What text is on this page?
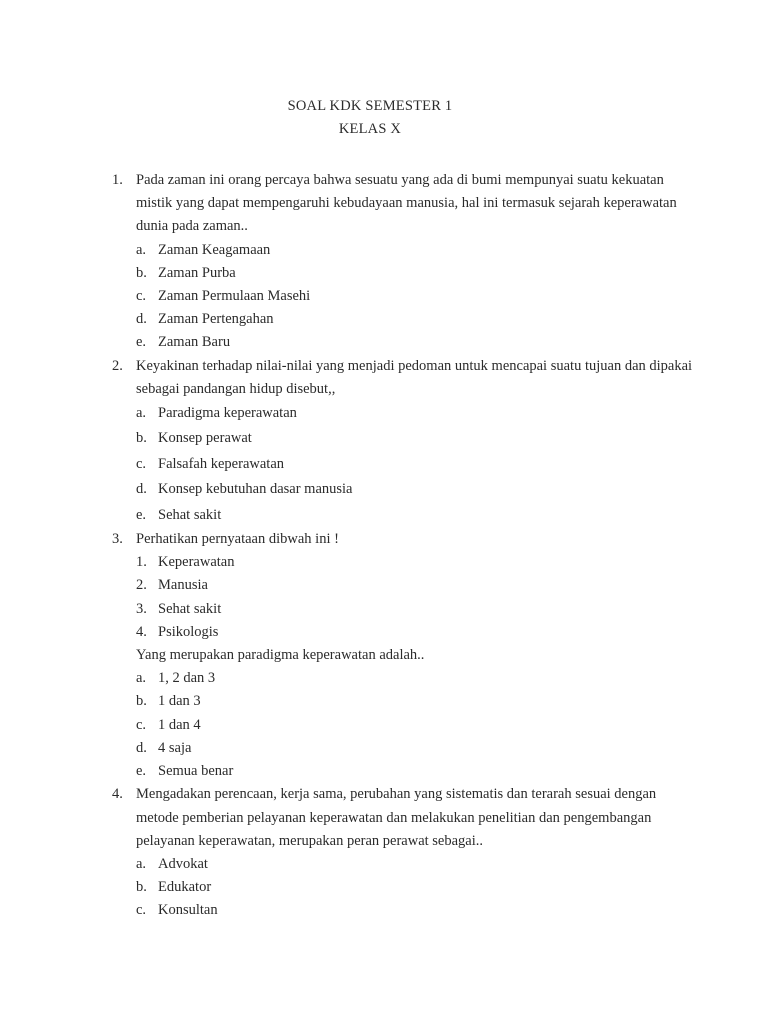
SOAL KDK SEMESTER 1
KELAS X
1. Pada zaman ini orang percaya bahwa sesuatu yang ada di bumi mempunyai suatu kekuatan mistik yang dapat mempengaruhi kebudayaan manusia, hal ini termasuk sejarah keperawatan dunia pada zaman..
a. Zaman Keagamaan
b. Zaman Purba
c. Zaman Permulaan Masehi
d. Zaman Pertengahan
e. Zaman Baru
2. Keyakinan terhadap nilai-nilai yang menjadi pedoman untuk mencapai suatu tujuan dan dipakai sebagai pandangan hidup disebut,,
a. Paradigma keperawatan
b. Konsep perawat
c. Falsafah keperawatan
d. Konsep kebutuhan dasar manusia
e. Sehat sakit
3. Perhatikan pernyataan dibwah ini !
1. Keperawatan
2. Manusia
3. Sehat sakit
4. Psikologis
Yang merupakan paradigma keperawatan adalah..
a. 1, 2 dan 3
b. 1 dan 3
c. 1 dan 4
d. 4 saja
e. Semua benar
4. Mengadakan perencaan, kerja sama, perubahan yang sistematis dan terarah sesuai dengan metode pemberian pelayanan keperawatan dan melakukan penelitian dan pengembangan pelayanan keperawatan, merupakan peran perawat sebagai..
a. Advokat
b. Edukator
c. Konsultan
